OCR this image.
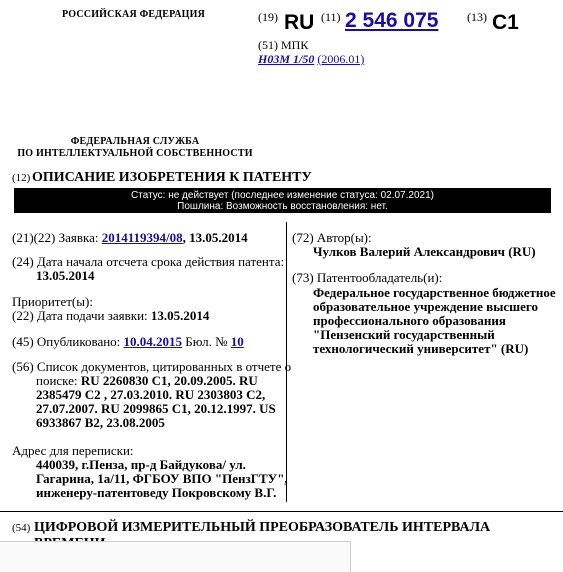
РОССИЙСКАЯ ФЕДЕРАЦИЯ	(19) RU (11) 2 546 075 (13) C1
(51) МПК
H03M 1/50 (2006.01)
ФЕДЕРАЛЬНАЯ СЛУЖБА
ПО ИНТЕЛЛЕКТУАЛЬНОЙ СОБСТВЕННОСТИ
(12) ОПИСАНИЕ ИЗОБРЕТЕНИЯ К ПАТЕНТУ
Статус: не действует (последнее изменение статуса: 02.07.2021)
Пошлина: Возможность восстановления: нет.
(21)(22) Заявка: 2014119394/08, 13.05.2014
(24) Дата начала отсчета срока действия патента:
13.05.2014
Приоритет(ы):
(22) Дата подачи заявки: 13.05.2014
(45) Опубликовано: 10.04.2015 Бюл. № 10
(56) Список документов, цитированных в отчете о
поиске: RU 2260830 C1, 20.09.2005. RU
2385479 C2 , 27.03.2010. RU 2303803 C2,
27.07.2007. RU 2099865 C1, 20.12.1997. US
6933867 B2, 23.08.2005
Адрес для переписки:
440039, г.Пенза, пр-д Байдукова/ ул.
Гагарина, 1а/11, ФГБОУ ВПО "ПензГТУ",
инженеру-патентоведу Покровскому В.Г.
(72) Автор(ы):
Чулков Валерий Александрович (RU)
(73) Патентообладатель(и):
Федеральное государственное бюджетное
образовательное учреждение высшего
профессионального образования
"Пензенский государственный
технологический университет" (RU)
(54) ЦИФРОВОЙ ИЗМЕРИТЕЛЬНЫЙ ПРЕОБРАЗОВАТЕЛЬ ИНТЕРВАЛА
